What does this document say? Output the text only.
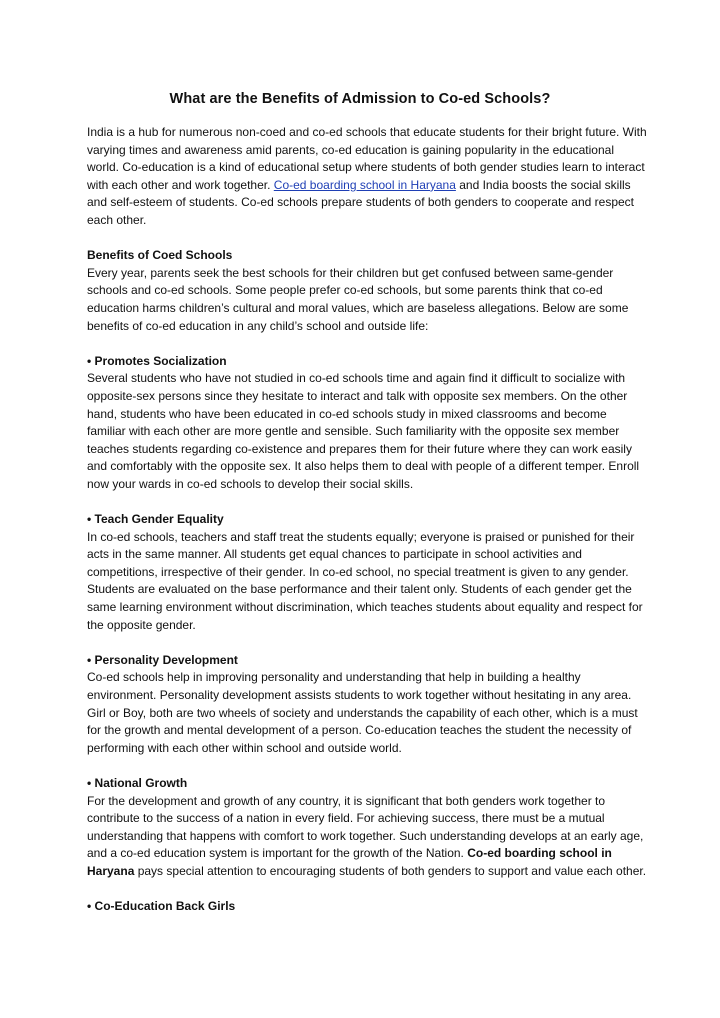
What are the Benefits of Admission to Co-ed Schools?

India is a hub for numerous non-coed and co-ed schools that educate students for their bright future. With varying times and awareness amid parents, co-ed education is gaining popularity in the educational world. Co-education is a kind of educational setup where students of both gender studies learn to interact with each other and work together. Co-ed boarding school in Haryana and India boosts the social skills and self-esteem of students. Co-ed schools prepare students of both genders to cooperate and respect each other.

Benefits of Coed Schools

Every year, parents seek the best schools for their children but get confused between same-gender schools and co-ed schools. Some people prefer co-ed schools, but some parents think that co-ed education harms children’s cultural and moral values, which are baseless allegations. Below are some benefits of co-ed education in any child’s school and outside life:

• Promotes Socialization

Several students who have not studied in co-ed schools time and again find it difficult to socialize with opposite-sex persons since they hesitate to interact and talk with opposite sex members. On the other hand, students who have been educated in co-ed schools study in mixed classrooms and become familiar with each other are more gentle and sensible. Such familiarity with the opposite sex member teaches students regarding co-existence and prepares them for their future where they can work easily and comfortably with the opposite sex. It also helps them to deal with people of a different temper. Enroll now your wards in co-ed schools to develop their social skills.

• Teach Gender Equality

In co-ed schools, teachers and staff treat the students equally; everyone is praised or punished for their acts in the same manner. All students get equal chances to participate in school activities and competitions, irrespective of their gender. In co-ed school, no special treatment is given to any gender. Students are evaluated on the base performance and their talent only. Students of each gender get the same learning environment without discrimination, which teaches students about equality and respect for the opposite gender.

• Personality Development

Co-ed schools help in improving personality and understanding that help in building a healthy environment. Personality development assists students to work together without hesitating in any area. Girl or Boy, both are two wheels of society and understands the capability of each other, which is a must for the growth and mental development of a person. Co-education teaches the student the necessity of performing with each other within school and outside world.

• National Growth

For the development and growth of any country, it is significant that both genders work together to contribute to the success of a nation in every field. For achieving success, there must be a mutual understanding that happens with comfort to work together. Such understanding develops at an early age, and a co-ed education system is important for the growth of the Nation. Co-ed boarding school in Haryana pays special attention to encouraging students of both genders to support and value each other.

• Co-Education Back Girls
